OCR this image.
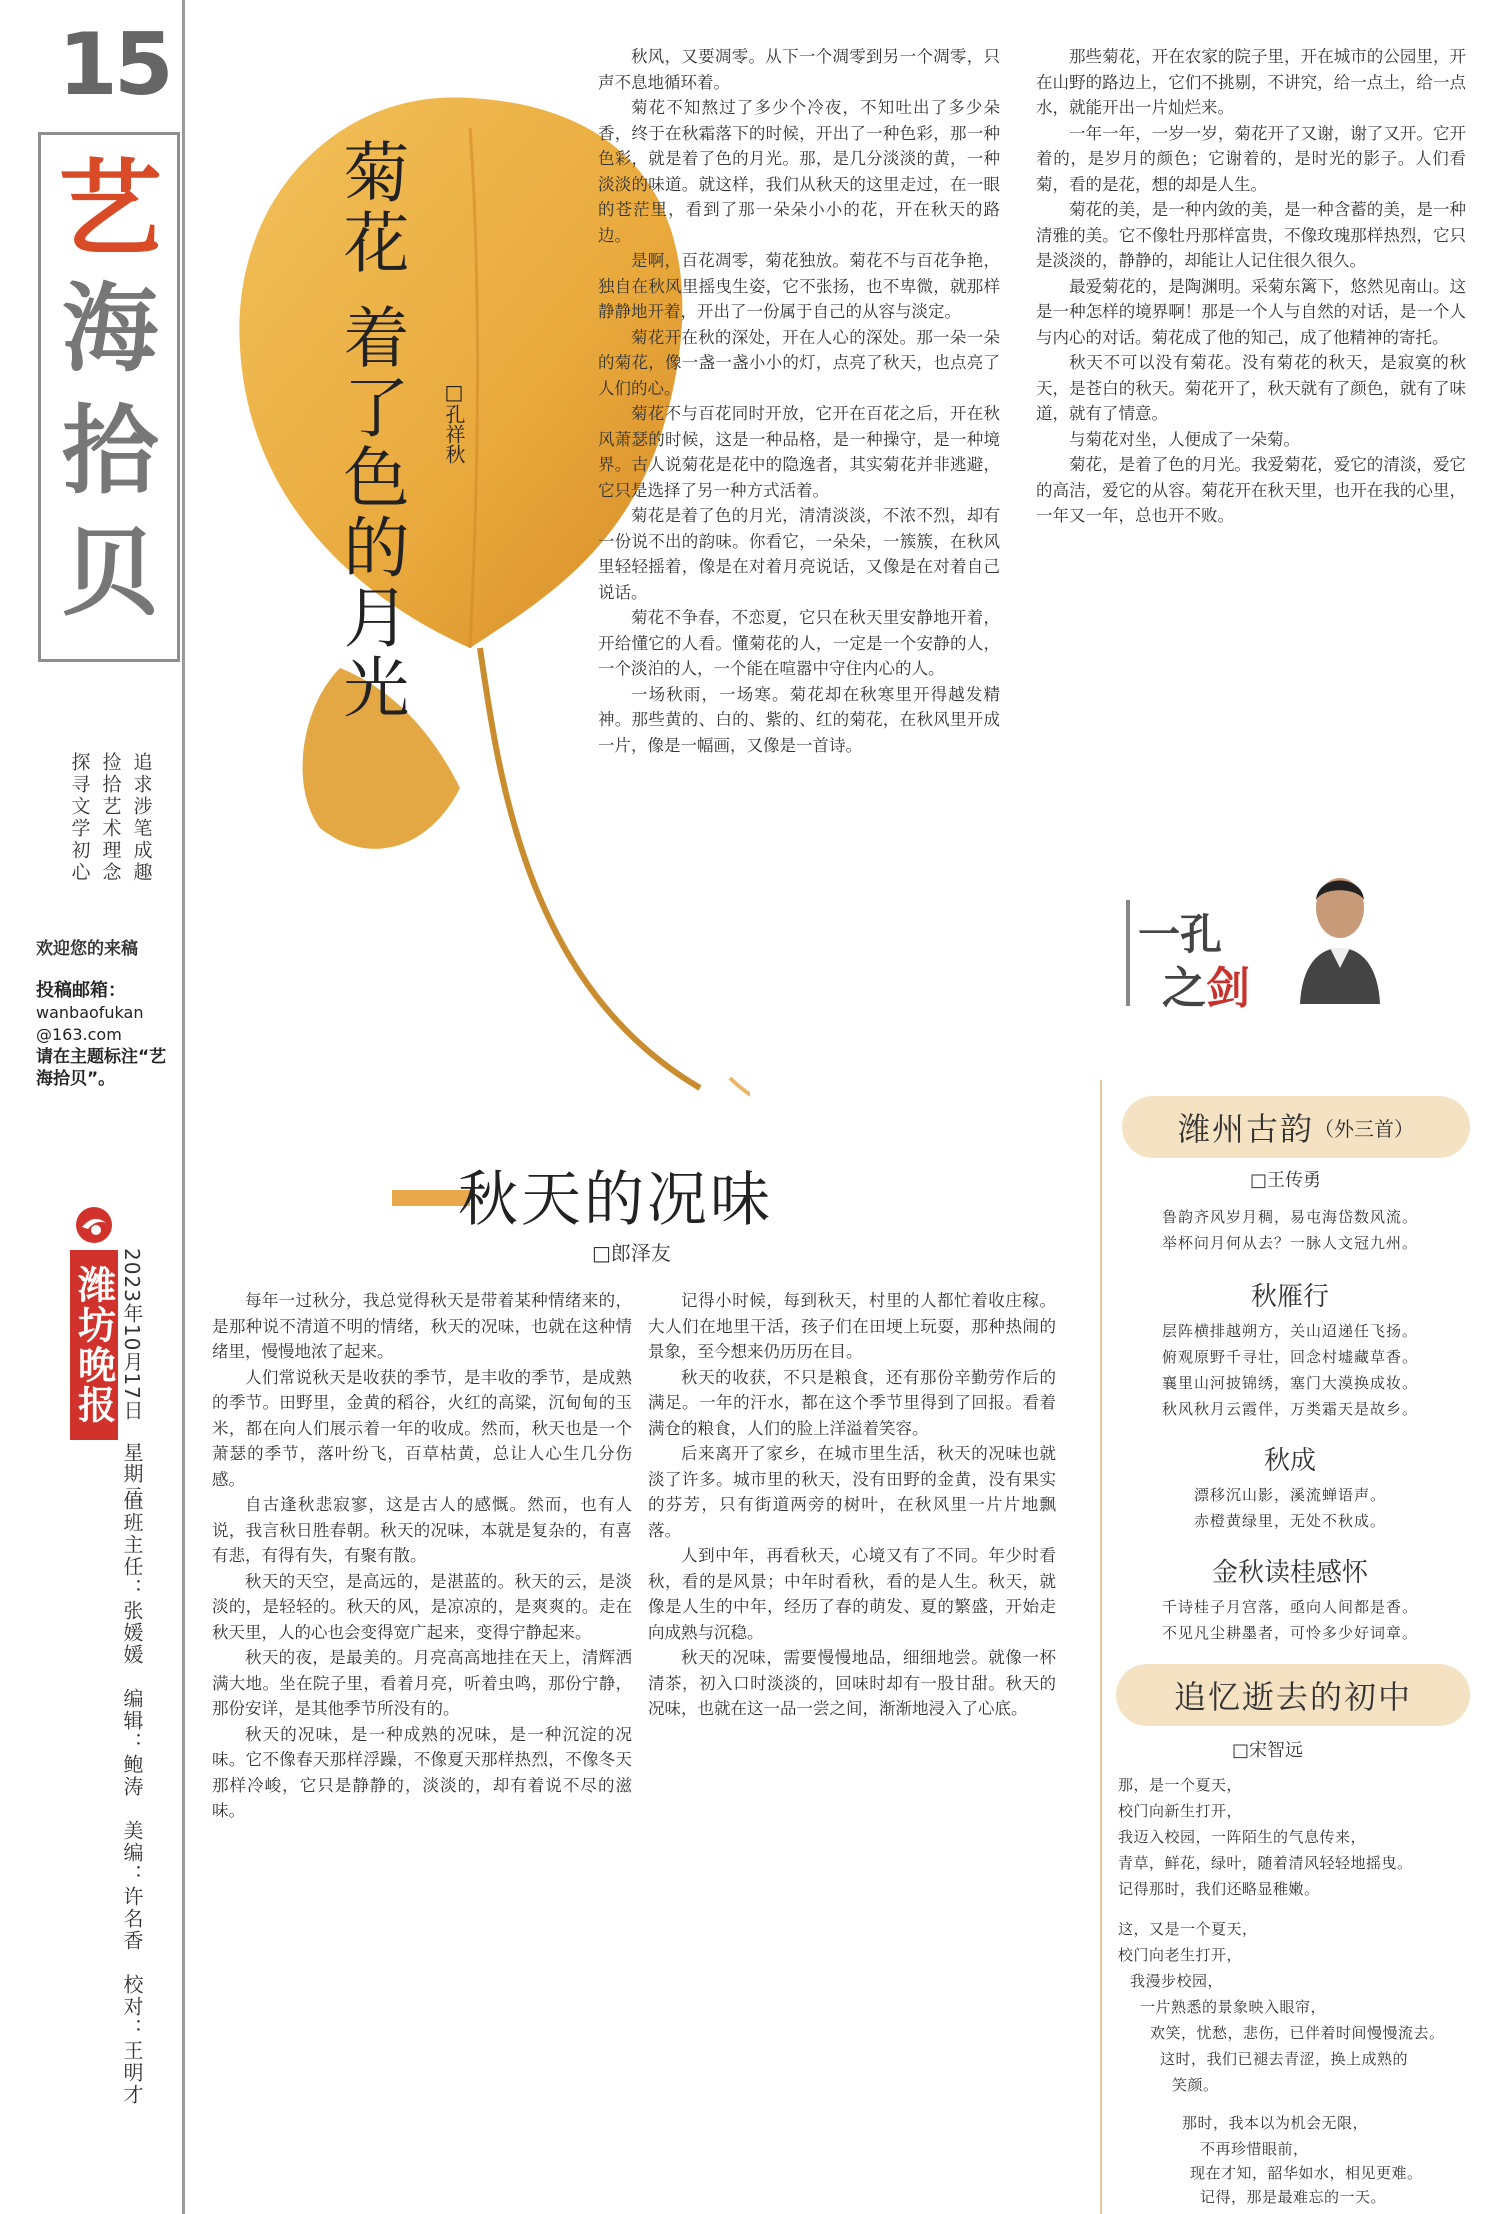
15
艺
海拾贝
追求涉笔成趣
捡拾艺术理念
探寻文学初心
欢迎您的来稿
投稿邮箱：
wanbaofukan
@163.com
请在主题标注“艺海拾贝”。
潍坊晚报 2023年10月17日　星期二
值班主任：张媛媛　编辑：鲍涛　美编：许名香　校对：王明才
菊花 着了色的月光 □孔祥秋

秋风，又要凋零。从下一个凋零到另一个凋零，只声不息地循环着。

菊花不知熬过了多少个冷夜，不知吐出了多少朵香，终于在秋霜落下的时候，开出了一种色彩，那一种色彩，就是着了色的月光。那，是几分淡淡的黄，一种淡淡的味道。就这样，我们从秋天的这里走过，在一眼的苍茫里，看到了那一朵朵小小的花，开在秋天的路边。

是啊，百花凋零，菊花独放。菊花不与百花争艳，独自在秋风里摇曳生姿，它不张扬，也不卑微，就那样静静地开着，开出了一份属于自己的从容与淡定。

菊花开在秋的深处，开在人心的深处。那一朵一朵的菊花，像一盏一盏小小的灯，点亮了秋天，也点亮了人们的心。

菊花不与百花同时开放，它开在百花之后，开在秋风萧瑟的时候，这是一种品格，是一种操守，是一种境界。古人说菊花是花中的隐逸者，其实菊花并非逃避，它只是选择了另一种方式活着。

菊花是着了色的月光，清清淡淡，不浓不烈，却有一份说不出的韵味。你看它，一朵朵，一簇簇，在秋风里轻轻摇着，像是在对着月亮说话，又像是在对着自己说话。

菊花不争春，不恋夏，它只在秋天里安静地开着，开给懂它的人看。懂菊花的人，一定是一个安静的人，一个淡泊的人，一个能在喧嚣中守住内心的人。

一场秋雨，一场寒。菊花却在秋寒里开得越发精神。那些黄的、白的、紫的、红的菊花，在秋风里开成一片，像是一幅画，又像是一首诗。

那些菊花，开在农家的院子里，开在城市的公园里，开在山野的路边上，它们不挑剔，不讲究，给一点土，给一点水，就能开出一片灿烂来。

一年一年，一岁一岁，菊花开了又谢，谢了又开。它开着的，是岁月的颜色；它谢着的，是时光的影子。人们看菊，看的是花，想的却是人生。

菊花的美，是一种内敛的美，是一种含蓄的美，是一种清雅的美。它不像牡丹那样富贵，不像玫瑰那样热烈，它只是淡淡的，静静的，却能让人记住很久很久。

最爱菊花的，是陶渊明。采菊东篱下，悠然见南山。这是一种怎样的境界啊！那是一个人与自然的对话，是一个人与内心的对话。菊花成了他的知己，成了他精神的寄托。

秋天不可以没有菊花。没有菊花的秋天，是寂寞的秋天，是苍白的秋天。菊花开了，秋天就有了颜色，就有了味道，就有了情意。

与菊花对坐，人便成了一朵菊。

菊花，是着了色的月光。我爱菊花，爱它的清淡，爱它的高洁，爱它的从容。菊花开在秋天里，也开在我的心里，一年又一年，总也开不败。

一孔
之剑
秋天的况味
□郎泽友

每年一过秋分，我总觉得秋天是带着某种情绪来的，是那种说不清道不明的情绪，秋天的况味，也就在这种情绪里，慢慢地浓了起来。

人们常说秋天是收获的季节，是丰收的季节，是成熟的季节。田野里，金黄的稻谷，火红的高粱，沉甸甸的玉米，都在向人们展示着一年的收成。然而，秋天也是一个萧瑟的季节，落叶纷飞，百草枯黄，总让人心生几分伤感。

自古逢秋悲寂寥，这是古人的感慨。然而，也有人说，我言秋日胜春朝。秋天的况味，本就是复杂的，有喜有悲，有得有失，有聚有散。

秋天的天空，是高远的，是湛蓝的。秋天的云，是淡淡的，是轻轻的。秋天的风，是凉凉的，是爽爽的。走在秋天里，人的心也会变得宽广起来，变得宁静起来。

秋天的夜，是最美的。月亮高高地挂在天上，清辉洒满大地。坐在院子里，看着月亮，听着虫鸣，那份宁静，那份安详，是其他季节所没有的。

秋天的况味，是一种成熟的况味，是一种沉淀的况味。它不像春天那样浮躁，不像夏天那样热烈，不像冬天那样冷峻，它只是静静的，淡淡的，却有着说不尽的滋味。

记得小时候，每到秋天，村里的人都忙着收庄稼。大人们在地里干活，孩子们在田埂上玩耍，那种热闹的景象，至今想来仍历历在目。

秋天的收获，不只是粮食，还有那份辛勤劳作后的满足。一年的汗水，都在这个季节里得到了回报。看着满仓的粮食，人们的脸上洋溢着笑容。

后来离开了家乡，在城市里生活，秋天的况味也就淡了许多。城市里的秋天，没有田野的金黄，没有果实的芬芳，只有街道两旁的树叶，在秋风里一片片地飘落。

人到中年，再看秋天，心境又有了不同。年少时看秋，看的是风景；中年时看秋，看的是人生。秋天，就像是人生的中年，经历了春的萌发、夏的繁盛，开始走向成熟与沉稳。

秋天的况味，需要慢慢地品，细细地尝。就像一杯清茶，初入口时淡淡的，回味时却有一股甘甜。秋天的况味，也就在这一品一尝之间，渐渐地浸入了心底。

潍州古韵 （外三首）
□王传勇
鲁韵齐风岁月稠，易屯海岱数风流。
举杯问月何从去？一脉人文冠九州。
秋雁行
层阵横排越朔方，关山迢递任飞扬。
俯观原野千寻壮，回念村墟藏草香。
襄里山河披锦绣，塞门大漠换成妆。
秋风秋月云霞伴，万类霜天是故乡。
秋成
漂移沉山影，溪流蝉语声。
赤橙黄绿里，无处不秋成。
金秋读桂感怀
千诗桂子月宫落，亟向人间都是香。
不见凡尘耕墨者，可怜多少好词章。
追忆逝去的初中
□宋智远
那，是一个夏天，
校门向新生打开，
我迈入校园，一阵陌生的气息传来，
青草，鲜花，绿叶，随着清风轻轻地摇曳。
记得那时，我们还略显稚嫩。
这，又是一个夏天，
校门向老生打开，
我漫步校园，
一片熟悉的景象映入眼帘，
欢笑，忧愁，悲伤，已伴着时间慢慢流去。
这时，我们已褪去青涩，换上成熟的
笑颜。
那时，我本以为机会无限，
不再珍惜眼前，
现在才知，韶华如水，相见更难。
记得，那是最难忘的一天。
